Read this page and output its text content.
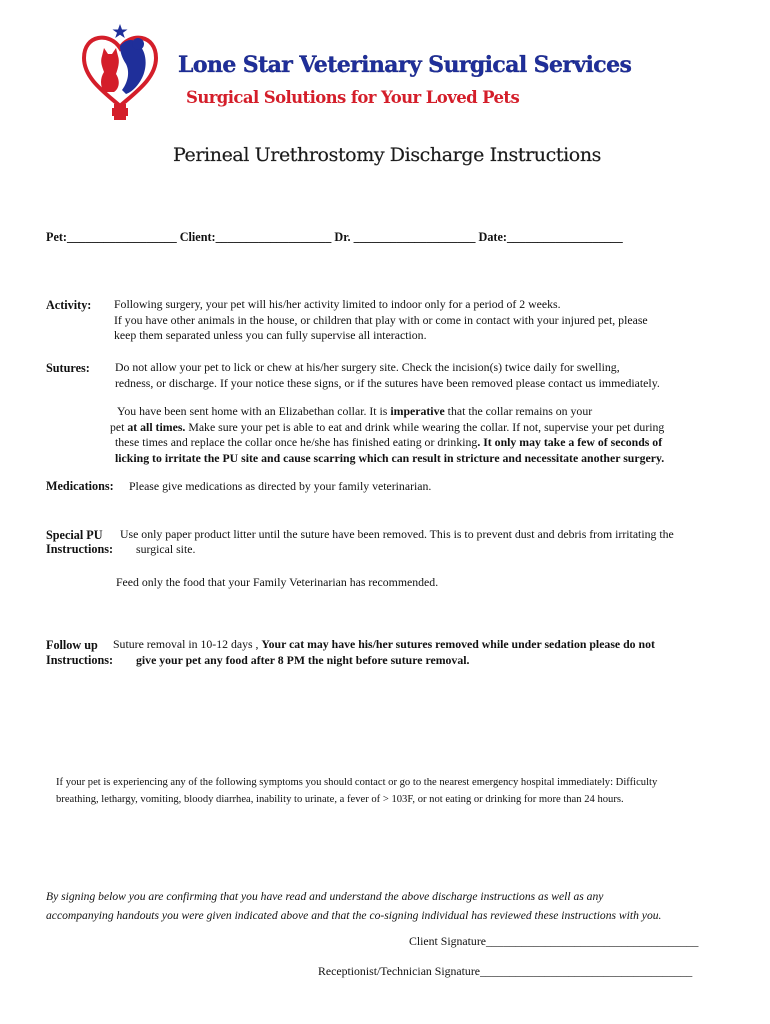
Lone Star Veterinary Surgical Services
Surgical Solutions for Your Loved Pets
Perineal Urethrostomy Discharge Instructions
Pet:__________________ Client:___________________ Dr. ____________________ Date:___________________
Activity: Following surgery, your pet will his/her activity limited to indoor only for a period of 2 weeks.
If you have other animals in the house, or children that play with or come in contact with your injured pet, please
keep them separated unless you can fully supervise all interaction.
Sutures: Do not allow your pet to lick or chew at his/her surgery site. Check the incision(s) twice daily for swelling,
redness, or discharge. If your notice these signs, or if the sutures have been removed please contact us immediately.
You have been sent home with an Elizabethan collar. It is imperative that the collar remains on your
pet at all times. Make sure your pet is able to eat and drink while wearing the collar. If not, supervise your pet during
these times and replace the collar once he/she has finished eating or drinking. It only may take a few of seconds of
licking to irritate the PU site and cause scarring which can result in stricture and necessitate another surgery.
Medications: Please give medications as directed by your family veterinarian.
Special PU
Instructions:
Use only paper product litter until the suture have been removed. This is to prevent dust and debris from irritating the
surgical site.
Feed only the food that your Family Veterinarian has recommended.
Follow up
Instructions:
Suture removal in 10-12 days , Your cat may have his/her sutures removed while under sedation please do not
give your pet any food after 8 PM the night before suture removal.
If your pet is experiencing any of the following symptoms you should contact or go to the nearest emergency hospital immediately: Difficulty
breathing, lethargy, vomiting, bloody diarrhea, inability to urinate, a fever of > 103F, or not eating or drinking for more than 24 hours.
By signing below you are confirming that you have read and understand the above discharge instructions as well as any
accompanying handouts you were given indicated above and that the co-signing individual has reviewed these instructions with you.
Client Signature____________________________________
Receptionist/Technician Signature____________________________________
